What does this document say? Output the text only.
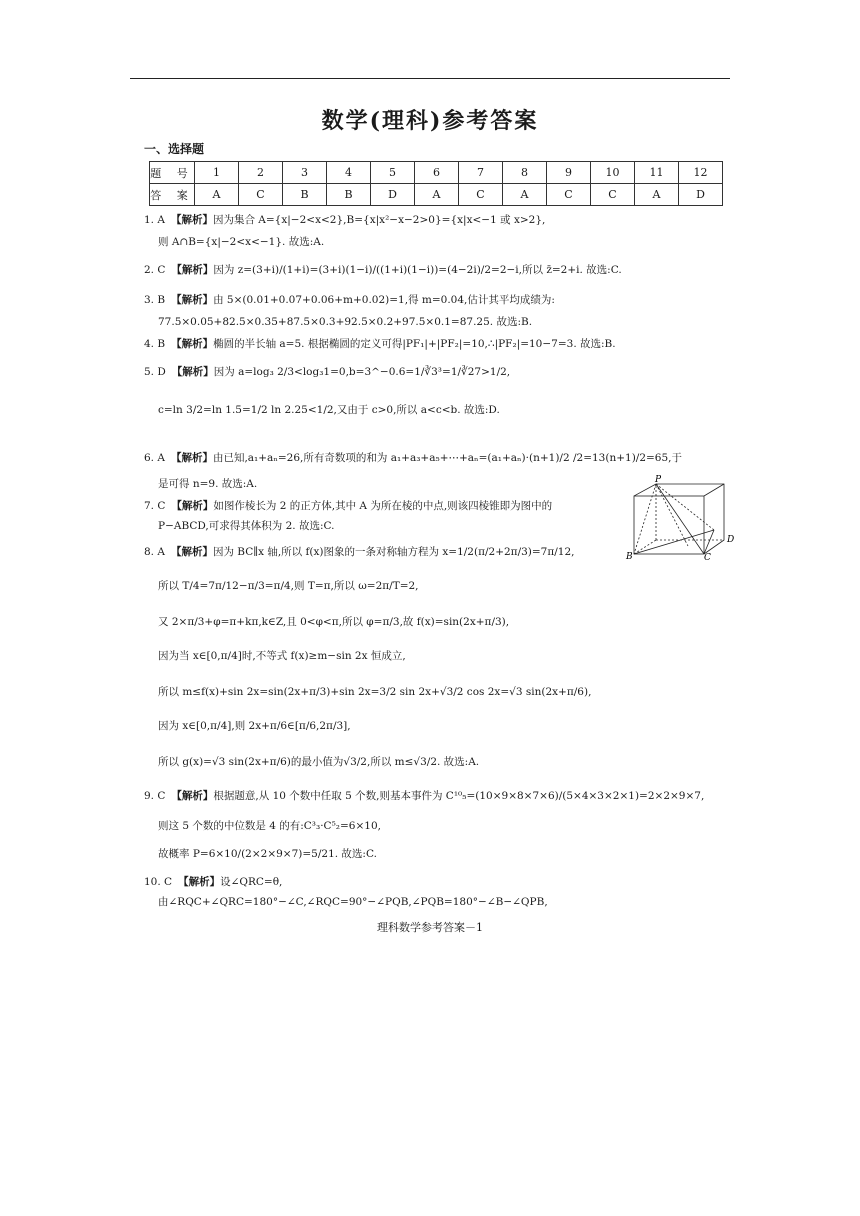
数学(理科)参考答案
一、选择题
题 号	1	2	3	4	5	6	7	8	9	10	11	12
答 案	A	C	B	B	D	A	C	A	C	C	A	D
1. A 【解析】因为集合 A={x|−2<x<2},B={x|x²−x−2>0}={x|x<−1 或 x>2},
则 A∩B={x|−2<x<−1}. 故选:A.
2. C 【解析】因为 z=(3+i)/(1+i)=(3+i)(1−i)/((1+i)(1−i))=(4−2i)/2=2−i,所以 z̄=2+i. 故选:C.
3. B 【解析】由 5×(0.01+0.07+0.06+m+0.02)=1,得 m=0.04,估计其平均成绩为:
77.5×0.05+82.5×0.35+87.5×0.3+92.5×0.2+97.5×0.1=87.25. 故选:B.
4. B 【解析】椭圆的半长轴 a=5. 根据椭圆的定义可得|PF₁|+|PF₂|=10,∴|PF₂|=10−7=3. 故选:B.
5. D 【解析】因为 a=log₃ 2/3<log₃1=0,b=3^−0.6=1/∛3³=1/∛27>1/2,
c=ln 3/2=ln 1.5=1/2 ln 2.25<1/2,又由于 c>0,所以 a<c<b. 故选:D.
6. A 【解析】由已知,a₁+aₙ=26,所有奇数项的和为 a₁+a₃+a₅+⋯+aₙ=(a₁+aₙ)·(n+1)/2 /2=13(n+1)/2=65,于
是可得 n=9. 故选:A.
7. C 【解析】如图作棱长为 2 的正方体,其中 A 为所在棱的中点,则该四棱锥即为图中的
P−ABCD,可求得其体积为 2. 故选:C.
8. A 【解析】因为 BC∥x 轴,所以 f(x)图象的一条对称轴方程为 x=1/2(π/2+2π/3)=7π/12,
所以 T/4=7π/12−π/3=π/4,则 T=π,所以 ω=2π/T=2,
又 2×π/3+φ=π+kπ,k∈Z,且 0<φ<π,所以 φ=π/3,故 f(x)=sin(2x+π/3),
因为当 x∈[0,π/4]时,不等式 f(x)≥m−sin 2x 恒成立,
所以 m≤f(x)+sin 2x=sin(2x+π/3)+sin 2x=3/2 sin 2x+√3/2 cos 2x=√3 sin(2x+π/6),
因为 x∈[0,π/4],则 2x+π/6∈[π/6,2π/3],
所以 g(x)=√3 sin(2x+π/6)的最小值为√3/2,所以 m≤√3/2. 故选:A.
9. C 【解析】根据题意,从 10 个数中任取 5 个数,则基本事件为 C¹⁰₅=(10×9×8×7×6)/(5×4×3×2×1)=2×2×9×7,
则这 5 个数的中位数是 4 的有:C³₃·C⁵₂=6×10,
故概率 P=6×10/(2×2×9×7)=5/21. 故选:C.
10. C 【解析】设∠QRC=θ,
由∠RQC+∠QRC=180°−∠C,∠RQC=90°−∠PQB,∠PQB=180°−∠B−∠QPB,
P
B	C
D
理科数学参考答案－1
